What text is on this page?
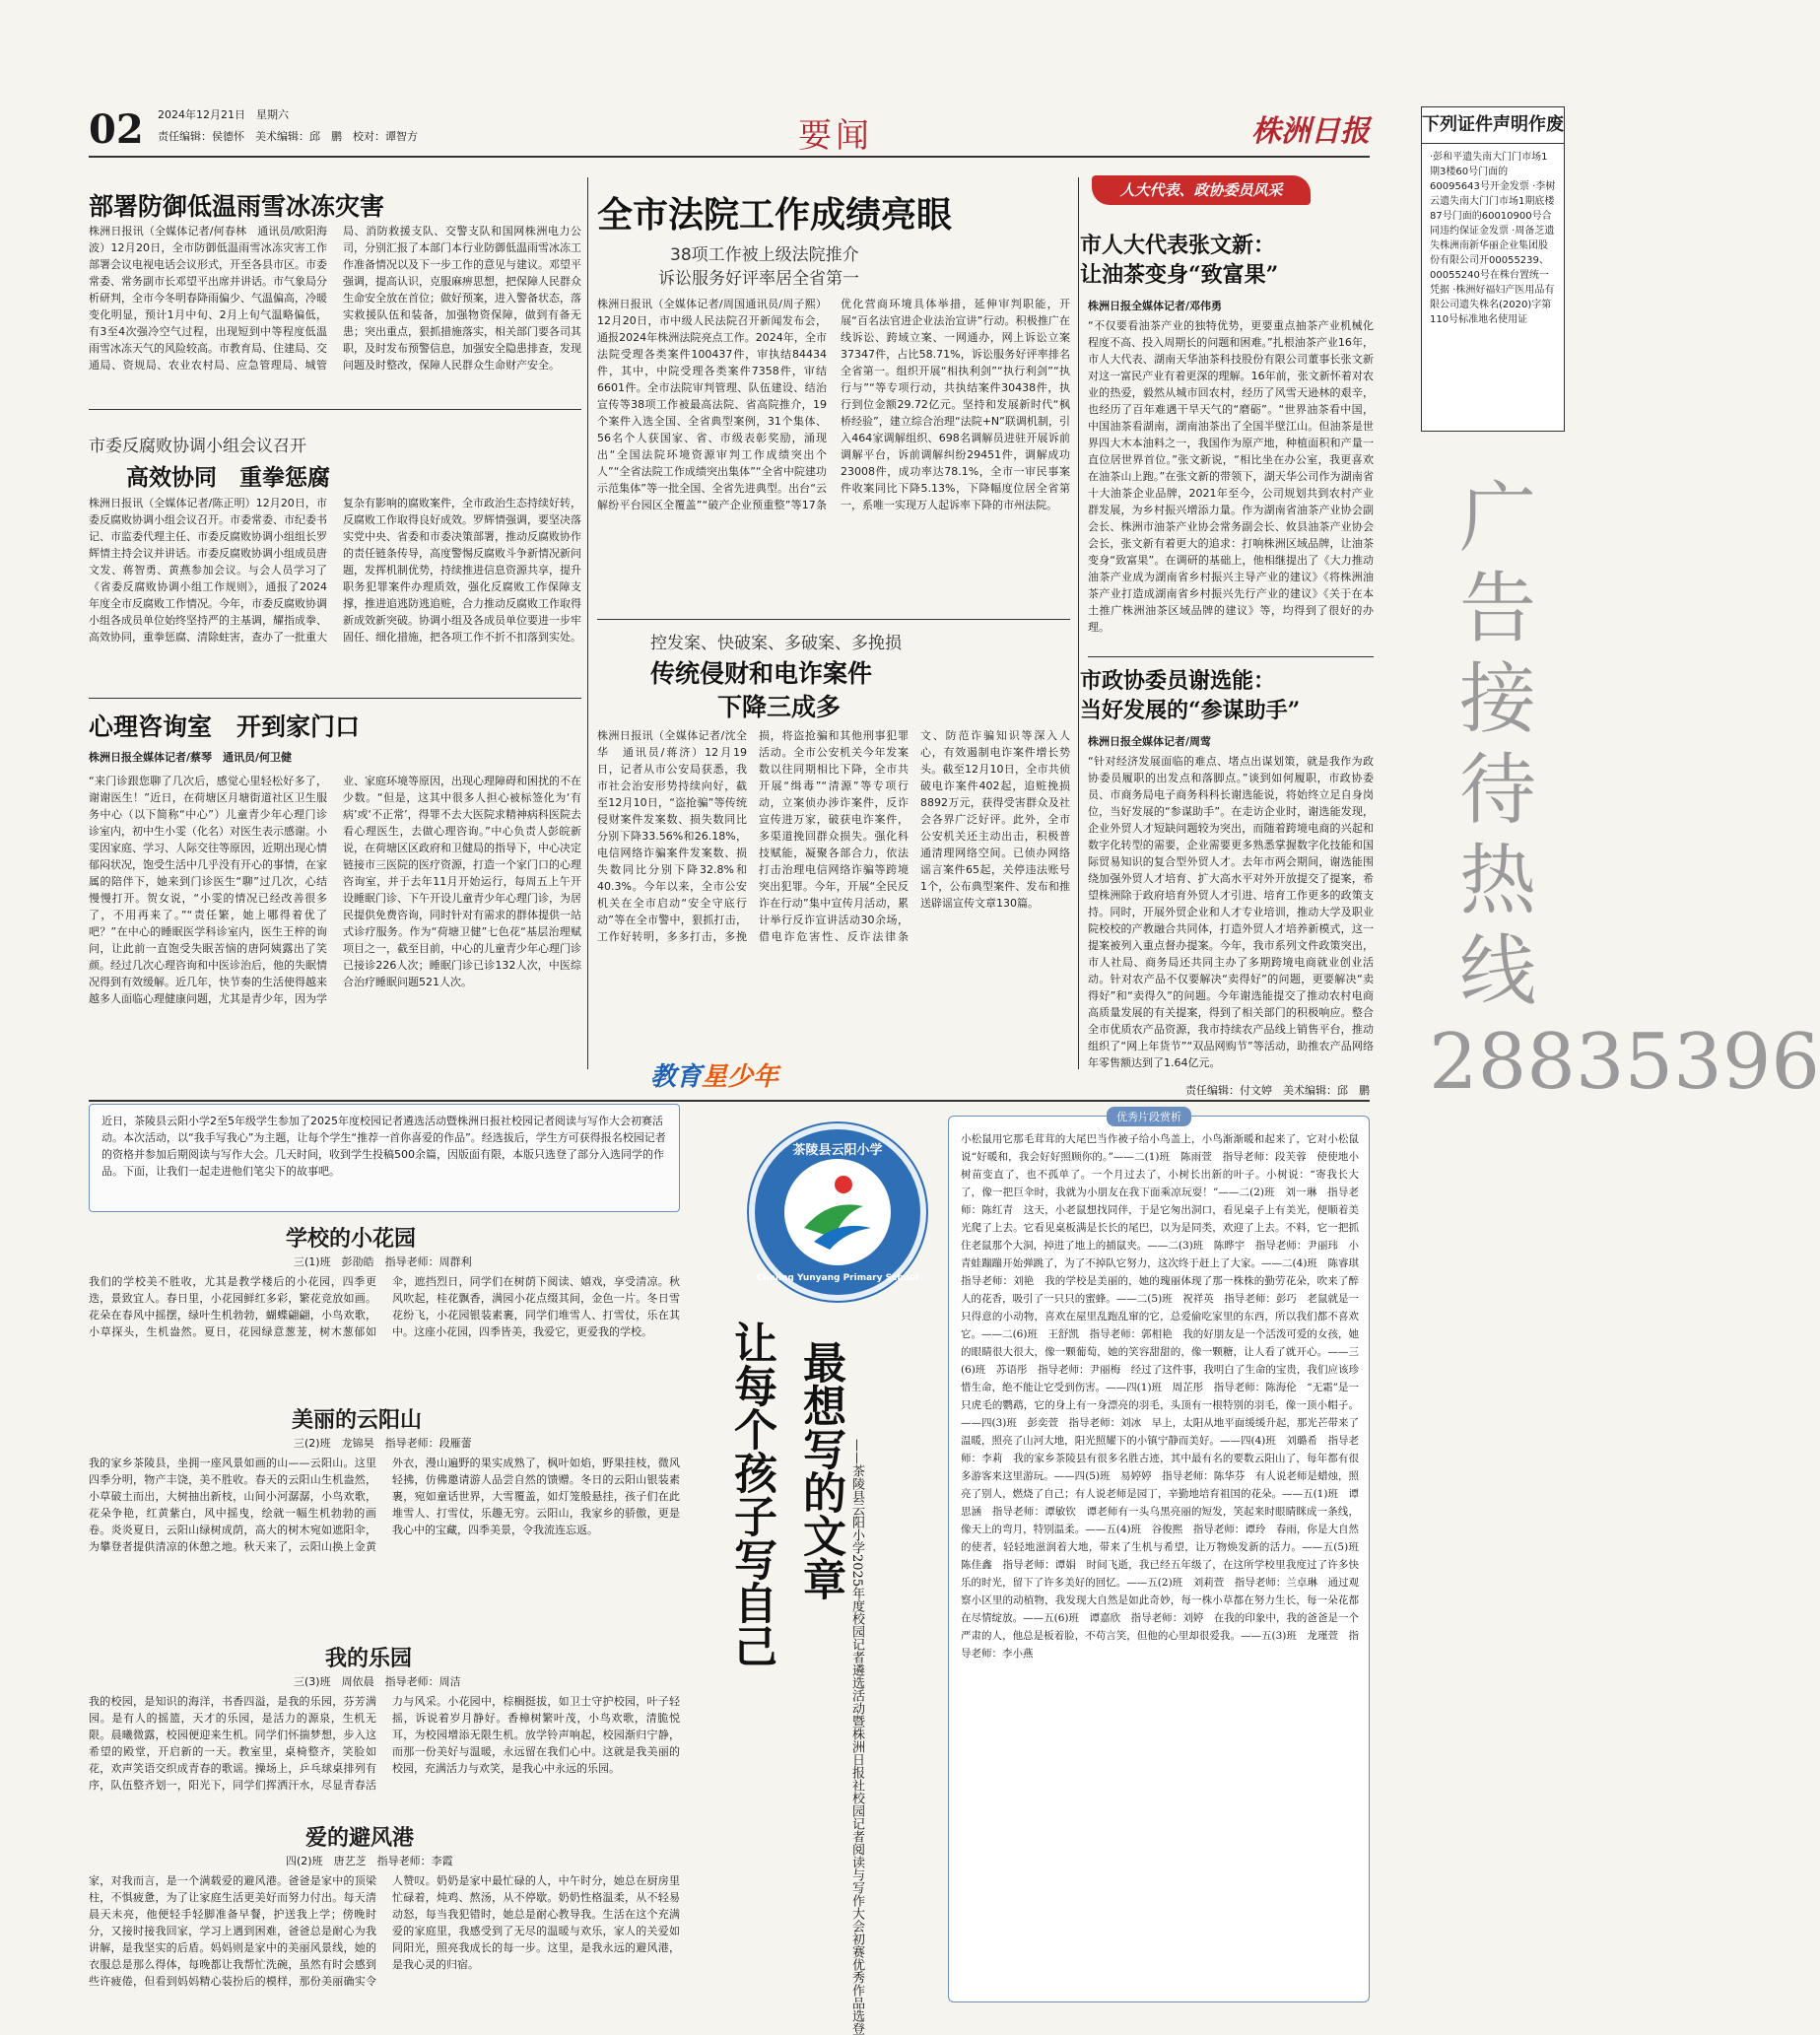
02 2024年12月21日　星期六
责任编辑：侯德怀　美术编辑：邱　鹏　校对：谭智方	要闻	株洲日报
部署防御低温雨雪冰冻灾害
株洲日报讯（全媒体记者/何春林　通讯员/欧阳海波）12月20日，全市防御低温雨雪冰冻灾害工作部署会议电视电话会议形式，开至各县市区。市委常委、常务副市长邓望平出席并讲话。市气象局分析研判，全市今冬明春降雨偏少、气温偏高，冷暖变化明显，预计1月中旬、2月上旬气温略偏低，有3至4次强冷空气过程，出现短到中等程度低温雨雪冰冻天气的风险较高。市教育局、住建局、交通局、资规局、农业农村局、应急管理局、城管局、消防救援支队、交警支队和国网株洲电力公司，分别汇报了本部门本行业防御低温雨雪冰冻工作准备情况以及下一步工作的意见与建议。邓望平强调，提高认识，克服麻痹思想，把保障人民群众生命安全放在首位；做好预案，进入警备状态，落实救援队伍和装备，加强物资保障，做到有备无患；突出重点，狠抓措施落实，相关部门要各司其职，及时发布预警信息，加强安全隐患排查，发现问题及时整改，保障人民群众生命财产安全。
市委反腐败协调小组会议召开
高效协同　重拳惩腐
株洲日报讯（全媒体记者/陈正明）12月20日，市委反腐败协调小组会议召开。市委常委、市纪委书记、市监委代理主任、市委反腐败协调小组组长罗辉情主持会议并讲话。市委反腐败协调小组成员唐文发、蒋智勇、黄燕参加会议。与会人员学习了《省委反腐败协调小组工作规则》，通报了2024年度全市反腐败工作情况。今年，市委反腐败协调小组各成员单位始终坚持严的主基调，耀指成拳、高效协同，重拳惩腐、清除蛀害，查办了一批重大复杂有影响的腐败案件，全市政治生态持续好转，反腐败工作取得良好成效。罗辉情强调，要坚决落实党中央、省委和市委决策部署，推动反腐败协作的责任链条传导，高度警惕反腐败斗争新情况新问题，发挥机制优势，持续推进信息资源共享，提升职务犯罪案件办理质效，强化反腐败工作保障支撑，推进追逃防逃追赃，合力推动反腐败工作取得新成效新突破。协调小组及各成员单位要进一步牢固任、细化措施，把各项工作不折不扣落到实处。
心理咨询室　开到家门口
株洲日报全媒体记者/蔡琴　通讯员/何卫健
“来门诊跟您聊了几次后，感觉心里轻松好多了，谢谢医生！”近日，在荷塘区月塘街道社区卫生服务中心（以下简称“中心”）儿童青少年心理门诊诊室内，初中生小雯（化名）对医生表示感谢。小雯因家庭、学习、人际交往等原因，近期出现心情郁闷状况，饱受生活中几乎没有开心的事情，在家属的陪伴下，她来到门诊医生“聊”过几次，心结慢慢打开。贺女说，“小雯的情况已经改善很多了，不用再来了。”“责任繁，她上哪得着优了吧？”在中心的睡眠医学科诊室内，医生王梓的询问，让此前一直饱受失眠苦恼的唐阿姨露出了笑颜。经过几次心理咨询和中医诊治后，他的失眠情况得到有效缓解。近几年，快节奏的生活使得越来越多人面临心理健康问题，尤其是青少年，因为学业、家庭环境等原因，出现心理障碍和困扰的不在少数。“但是，这其中很多人担心被标签化为‘有病’或‘不正常’，得罪不去大医院求精神病科医院去看心理医生，去做心理咨询。”中心负责人彭皖新说，在荷塘区区政府和卫健局的指导下，中心决定链接市三医院的医疗资源，打造一个家门口的心理咨询室，并于去年11月开始运行，每周五上午开设睡眠门诊、下午开设儿童青少年心理门诊，为居民提供免费咨询，同时针对有需求的群体提供一站式诊疗服务。作为“荷塘卫健”七色花“基层治理赋项目之一，截至目前，中心的儿童青少年心理门诊已接诊226人次；睡眠门诊已诊132人次，中医综合治疗睡眠问题521人次。
全市法院工作成绩亮眼
38项工作被上级法院推介
诉讼服务好评率居全省第一
株洲日报讯（全媒体记者/周国通讯员/周子熙）12月20日，市中级人民法院召开新闻发布会，通报2024年株洲法院亮点工作。2024年，全市法院受理各类案件100437件，审执结84434件，其中，中院受理各类案件7358件，审结6601件。全市法院审判管理、队伍建设、结治宣传等38项工作被最高法院、省高院推介，19个案件入选全国、全省典型案例，31个集体、56名个人获国家、省、市级表彰奖励，涌现出“全国法院环境资源审判工作成绩突出个人”“全省法院工作成绩突出集体”“全省中院建功示范集体”等一批全国、全省先进典型。出台“云解纷平台园区全覆盖”“破产企业预重整”等17条优化营商环境具体举措，延伸审判职能，开展“百名法官进企业法治宣讲”行动。积极推广在线诉讼、跨域立案、一网通办，网上诉讼立案37347件，占比58.71%，诉讼服务好评率排名全省第一。组织开展“相执利剑”“执行利剑”“执行与”“等专项行动，共执结案件30438件，执行到位金额29.72亿元。坚持和发展新时代“枫桥经验”，建立综合治理“法院+N”联调机制，引入464家调解组织、698名调解员进驻开展诉前调解平台，诉前调解纠纷29451件，调解成功23008件，成功率达78.1%，全市一审民事案件收案同比下降5.13%，下降幅度位居全省第一，系唯一实现万人起诉率下降的市州法院。
控发案、快破案、多破案、多挽损
传统侵财和电诈案件
下降三成多
株洲日报讯（全媒体记者/沈全华　通讯员/蒋济）12月19日，记者从市公安局获悉，我市社会治安形势持续向好，截至12月10日，“盗抢骗”等传统侵财案件发案数、损失数同比分别下降33.56%和26.18%，电信网络诈骗案件发案数、损失数同比分别下降32.8%和40.3%。今年以来，全市公安机关在全市启动“安全守底行动”等在全市警中，狠抓打击，工作好转明，多多打击，多挽损，将盗抢骗和其他刑事犯罪活动。全市公安机关今年发案数以往同期相比下降，全市共开展“缉毒”“清源”等专项行动，立案侦办涉诈案件，反诈宣传进万家，破获电诈案件，多渠道挽回群众损失。强化科技赋能，凝聚各部合力，依法打击治理电信网络诈骗等跨境突出犯罪。今年，开展“全民反诈在行动”集中宣传月活动，累计举行反诈宣讲活动30余场，借电诈危害性、反诈法律条文、防范诈骗知识等深入人心，有效遏制电诈案件增长势头。截至12月10日，全市共侦破电诈案件402起，追赃挽损8892万元，获得受害群众及社会各界广泛好评。此外，全市公安机关还主动出击，积极普通清理网络空间。已侦办网络谣言案件65起，关停违法账号1个，公布典型案件、发布和推送辟谣宣传文章130篇。
人大代表、政协委员风采
市人大代表张文新：
让油茶变身“致富果”
株洲日报全媒体记者/邓伟勇
“不仅要看油茶产业的独特优势，更要重点抽茶产业机械化程度不高、投入周期长的问题和困难。”扎根油茶产业16年，市人大代表、湖南天华油茶科技股份有限公司董事长张文新对这一富民产业有着更深的理解。16年前，张文新怀着对农业的热爱，毅然从城市回农村，经历了风雪天逊林的艰辛，也经历了百年难遇干旱天气的“磨砺”。“世界油茶看中国，中国油茶看湖南，湖南油茶出了全国半壁江山。但油茶是世界四大木本油料之一，我国作为原产地，种植面积和产量一直位居世界首位。”张文新说，“相比坐在办公室，我更喜欢在油茶山上跑。”在张文新的带领下，湖天华公司作为湖南省十大油茶企业品牌，2021年至今，公司规划共到农村产业群发展，为乡村振兴增添力量。作为湖南省油茶产业协会副会长、株洲市油茶产业协会常务副会长、攸县油茶产业协会会长，张文新有着更大的追求：打响株洲区域品牌，让油茶变身“致富果”。在调研的基础上，他相继提出了《大力推动油茶产业成为湖南省乡村振兴主导产业的建议》《将株洲油茶产业打造成湖南省乡村振兴先行产业的建议》《关于在本土推广株洲油茶区域品牌的建议》等，均得到了很好的办理。
市政协委员谢选能：
当好发展的“参谋助手”
株洲日报全媒体记者/周莺
“针对经济发展面临的难点、堵点出谋划策，就是我作为政协委员履职的出发点和落脚点。”谈到如何履职，市政协委员、市商务局电子商务科科长谢选能说，将始终立足自身岗位，当好发展的“参谋助手”。在走访企业时，谢选能发现，企业外贸人才短缺问题较为突出，而随着跨境电商的兴起和数字化转型的需要，企业需要更多熟悉掌握数字化技能和国际贸易知识的复合型外贸人才。去年市两会期间，谢选能围绕加强外贸人才培育、扩大高水平对外开放提交了提案，希望株洲除于政府培育外贸人才引进、培育工作更多的政策支持。同时，开展外贸企业和人才专业培训，推动大学及职业院校校的产教融合共同体，打造外贸人才培养新模式，这一提案被列入重点督办提案。今年，我市系列文件政策突出，市人社局、商务局还共同主办了多期跨境电商就业创业活动。针对农产品不仅要解决“卖得好”的问题，更要解决“卖得好”和“卖得久”的问题。今年谢选能提交了推动农村电商高质量发展的有关提案，得到了相关部门的积极响应。整合全市优质农产品资源，我市持续农产品线上销售平台，推动组织了“网上年货节”“双品网购节”等活动，助推农产品网络年零售额达到了1.64亿元。
下列证件声明作废
·彭和平遗失南大门门市场1期3楼60号门面的60095643号开金发票 ·李树云遗失南大门门市场1期底楼87号门面的60010900号合同违约保证金发票 ·周备芝遗失株洲南新华丽企业集团股份有限公司开00055239、00055240号在株台置统一凭据 ·株洲好福妇产医用品有限公司遗失株名(2020)字第110号标准地名使用证
广告接待热线28835396
责任编辑：付文婷　美术编辑：邱　鹏
教育星少年
近日，茶陵县云阳小学2至5年级学生参加了2025年度校园记者遴选活动暨株洲日报社校园记者阅读与写作大会初赛活动。本次活动，以“我手写我心”为主题，让每个学生“推荐一首你喜爱的作品”。经选拔后，学生方可获得报名校园记者的资格并参加后期阅读与写作大会。几天时间，收到学生投稿500余篇，因版面有限，本版只选登了部分入选同学的作品。下面，让我们一起走进他们笔尖下的故事吧。
茶陵县云阳小学
Chaling Yunyang Primary School
——茶陵县云阳小学2025年度校园记者遴选活动暨株洲日报社校园记者阅读与写作大会初赛优秀作品选登
最想写的文章
让每个孩子写自己
学校的小花园
三(1)班　彭劭皓　指导老师：周群利
我们的学校美不胜收，尤其是教学楼后的小花园，四季更迭，景致宜人。春日里，小花园鲜红多彩，繁花竞放如画。花朵在春风中摇摆，绿叶生机勃勃，蝴蝶翩翩，小鸟欢歌，小草探头，生机盎然。夏日，花园绿意葱茏，树木葱郁如伞，遮挡烈日，同学们在树荫下阅读、嬉戏，享受清凉。秋风吹起，桂花飘香，满园小花点缀其间，金色一片。冬日雪花纷飞，小花园银装素裹，同学们堆雪人、打雪仗，乐在其中。这座小花园，四季皆美，我爱它，更爱我的学校。
美丽的云阳山
三(2)班　龙锦昊　指导老师：段雁蕾
我的家乡茶陵县，坐拥一座风景如画的山——云阳山。这里四季分明，物产丰饶，美不胜收。春天的云阳山生机盎然，小草破土而出，大树抽出新枝，山间小河潺潺，小鸟欢歌，花朵争艳，红黄紫白，风中摇曳，绘就一幅生机勃勃的画卷。炎炎夏日，云阳山绿树成荫，高大的树木宛如遮阳伞，为攀登者提供清凉的休憩之地。秋天来了，云阳山换上金黄外衣，漫山遍野的果实成熟了，枫叶如焰，野果挂枝，微风轻拂，仿佛邀请游人品尝自然的馈赠。冬日的云阳山银装素裹，宛如童话世界，大雪覆盖，如灯笼般悬挂，孩子们在此堆雪人、打雪仗，乐趣无穷。云阳山，我家乡的骄傲，更是我心中的宝藏，四季美景，令我流连忘返。
我的乐园
三(3)班　周依晨　指导老师：周洁
我的校园，是知识的海洋，书香四溢，是我的乐园，芬芳满园。是有人的摇篮，天才的乐园，是活力的源泉，生机无限。晨曦微露，校园便迎来生机。同学们怀揣梦想，步入这希望的殿堂，开启新的一天。教室里，桌椅整齐，笑脸如花，欢声笑语交织成青春的歌谣。操场上，乒乓球桌排列有序，队伍整齐划一，阳光下，同学们挥洒汗水，尽显青春活力与风采。小花园中，棕榈挺拔，如卫士守护校园，叶子轻摇，诉说着岁月静好。香樟树繁叶茂，小鸟欢歌，清脆悦耳，为校园增添无限生机。放学铃声响起，校园渐归宁静，而那一份美好与温暖，永远留在我们心中。这就是我美丽的校园，充满活力与欢笑，是我心中永远的乐园。
爱的避风港
四(2)班　唐艺芝　指导老师：李霞
家，对我而言，是一个满载爱的避风港。爸爸是家中的顶梁柱，不惧疲惫，为了让家庭生活更美好而努力付出。每天清晨天未亮，他便轻手轻脚准备早餐，护送我上学；傍晚时分，又接时接我回家，学习上遇到困难，爸爸总是耐心为我讲解，是我坚实的后盾。妈妈则是家中的美丽风景线，她的衣服总是那么得体，每晚都让我帮忙洗碗，虽然有时会感到些许疲倦，但看到妈妈精心装扮后的模样，那份美丽确实令人赞叹。奶奶是家中最忙碌的人，中午时分，她总在厨房里忙碌着，炖鸡、熬汤，从不停歇。奶奶性格温柔，从不轻易动怒，每当我犯错时，她总是耐心教导我。生活在这个充满爱的家庭里，我感受到了无尽的温暖与欢乐，家人的关爱如同阳光，照亮我成长的每一步。这里，是我永远的避风港，是我心灵的归宿。
优秀片段赏析
小松鼠用它那毛茸茸的大尾巴当作被子给小鸟盖上，小鸟渐渐暖和起来了，它对小松鼠说“好暖和，我会好好照顾你的。”——二(1)班　陈雨萱　指导老师：段芙蓉　使使地小树苗变直了，也不孤单了。一个月过去了，小树长出新的叶子。小树说：“寄我长大了，像一把巨伞时，我就为小朋友在我下面乘凉玩耍！”——二(2)班　刘一琳　指导老师：陈红青　这天，小老鼠想找同伴，于是它匆出洞口，看见桌子上有美光，便顺着美光爬了上去。它看见桌板满是长长的尾巴，以为是同类，欢迎了上去。不料，它一把抓住老鼠那个大洞，掉进了地上的捕鼠夹。——二(3)班　陈晔宇　指导老师：尹丽玮　小青蛙蹦蹦开始弹跳了，为了不掉队它努力，这次终于赶上了大家。——二(4)班　陈睿琪　指导老师：刘艳　我的学校是美丽的，她的瑰丽体现了那一株株的勤劳花朵，吹来了醉人的花香，吸引了一只只的蜜蜂。——二(5)班　祝祥英　指导老师：彭巧　老鼠就是一只得意的小动物，喜欢在屋里乱跑乱窜的它，总爱偷吃家里的东西，所以我们都不喜欢它。——二(6)班　王舒凯　指导老师：郭相艳　我的好朋友是一个活泼可爱的女孩，她的眼睛很大很大，像一颗葡萄，她的笑容甜甜的，像一颗糖，让人看了就开心。——三(6)班　苏语彤　指导老师：尹丽梅　经过了这件事，我明白了生命的宝贵，我们应该珍惜生命，绝不能让它受到伤害。——四(1)班　周芷彤　指导老师：陈海伦　“无霜”是一只虎毛的鹦鹉，它的身上有一身漂亮的羽毛，头顶有一根特别的羽毛，像一顶小帽子。——四(3)班　彭奕萱　指导老师：刘冰　早上，太阳从地平面缓缓升起，那光芒带来了温暖，照亮了山河大地，阳光照耀下的小镇宁静而美好。——四(4)班　刘璐希　指导老师：李莉　我的家乡茶陵县有很多名胜古迹，其中最有名的要数云阳山了，每年都有很多游客来这里游玩。——四(5)班　易婷婷　指导老师：陈华芬　有人说老师是蜡烛，照亮了别人，燃烧了自己；有人说老师是园丁，辛勤地培育祖国的花朵。——五(1)班　谭思涵　指导老师：谭敏钦　谭老师有一头乌黑亮丽的短发，笑起来时眼睛眯成一条线，像天上的弯月，特别温柔。——五(4)班　谷俊熙　指导老师：谭玲　春雨，你是大自然的使者，轻轻地滋润着大地，带来了生机与希望，让万物焕发新的活力。——五(5)班　陈佳鑫　指导老师：谭娟　时间飞逝，我已经五年级了，在这所学校里我度过了许多快乐的时光，留下了许多美好的回忆。——五(2)班　刘莉萱　指导老师：兰卓琳　通过观察小区里的动植物，我发现大自然是如此奇妙，每一株小草都在努力生长，每一朵花都在尽情绽放。——五(6)班　谭嘉欣　指导老师：刘婷　在我的印象中，我的爸爸是一个严肃的人，他总是板着脸，不苟言笑，但他的心里却很爱我。——五(3)班　龙瑾萱　指导老师：李小燕
